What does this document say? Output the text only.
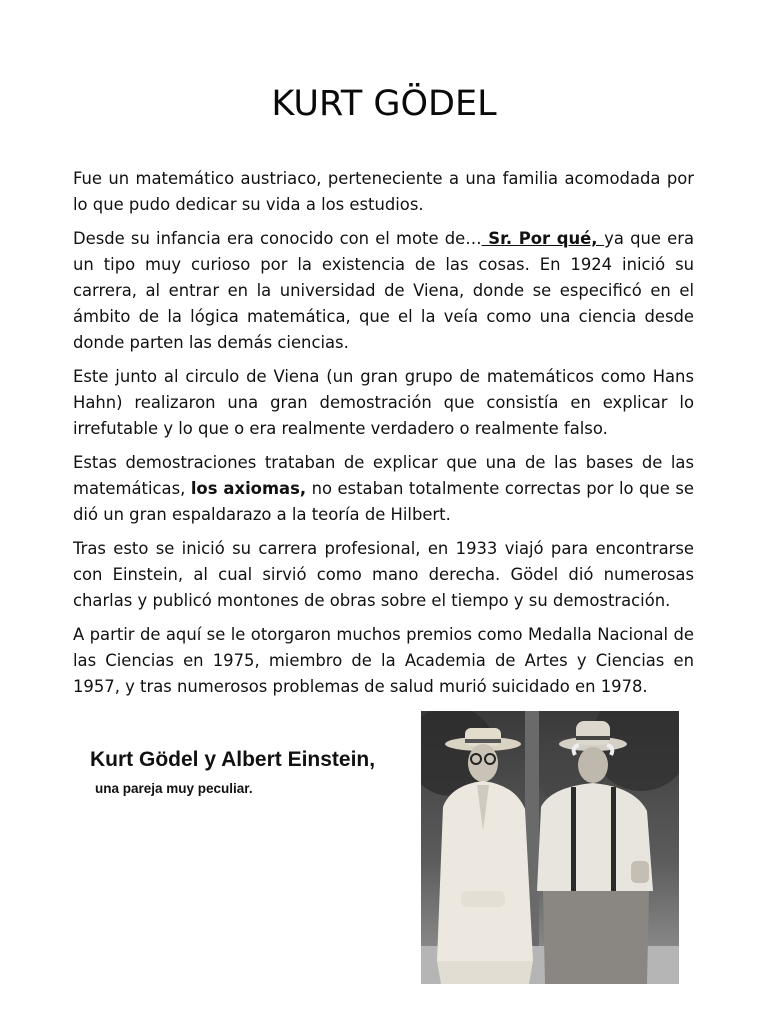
KURT GÖDEL

Fue un matemático austriaco, perteneciente a una familia acomodada por lo que pudo dedicar su vida a los estudios.

Desde su infancia era conocido con el mote de… Sr. Por qué, ya que era un tipo muy curioso por la existencia de las cosas. En 1924 inició su carrera, al entrar en la universidad de Viena, donde se especificó en el ámbito de la lógica matemática, que el la veía como una ciencia desde donde parten las demás ciencias.

Este junto al circulo de Viena (un gran grupo de matemáticos como Hans Hahn) realizaron una gran demostración que consistía en explicar lo irrefutable y lo que o era realmente verdadero o realmente falso.

Estas demostraciones trataban de explicar que una de las bases de las matemáticas, los axiomas, no estaban totalmente correctas por lo que se dió un gran espaldarazo a la teoría de Hilbert.

Tras esto se inició su carrera profesional, en 1933 viajó para encontrarse con Einstein, al cual sirvió como mano derecha. Gödel dió numerosas charlas y publicó montones de obras sobre el tiempo y su demostración.

A partir de aquí se le otorgaron muchos premios como Medalla Nacional de las Ciencias en 1975, miembro de la Academia de Artes y Ciencias en 1957, y tras numerosos problemas de salud murió suicidado en 1978.

Kurt Gödel y Albert Einstein,

una pareja muy peculiar.
